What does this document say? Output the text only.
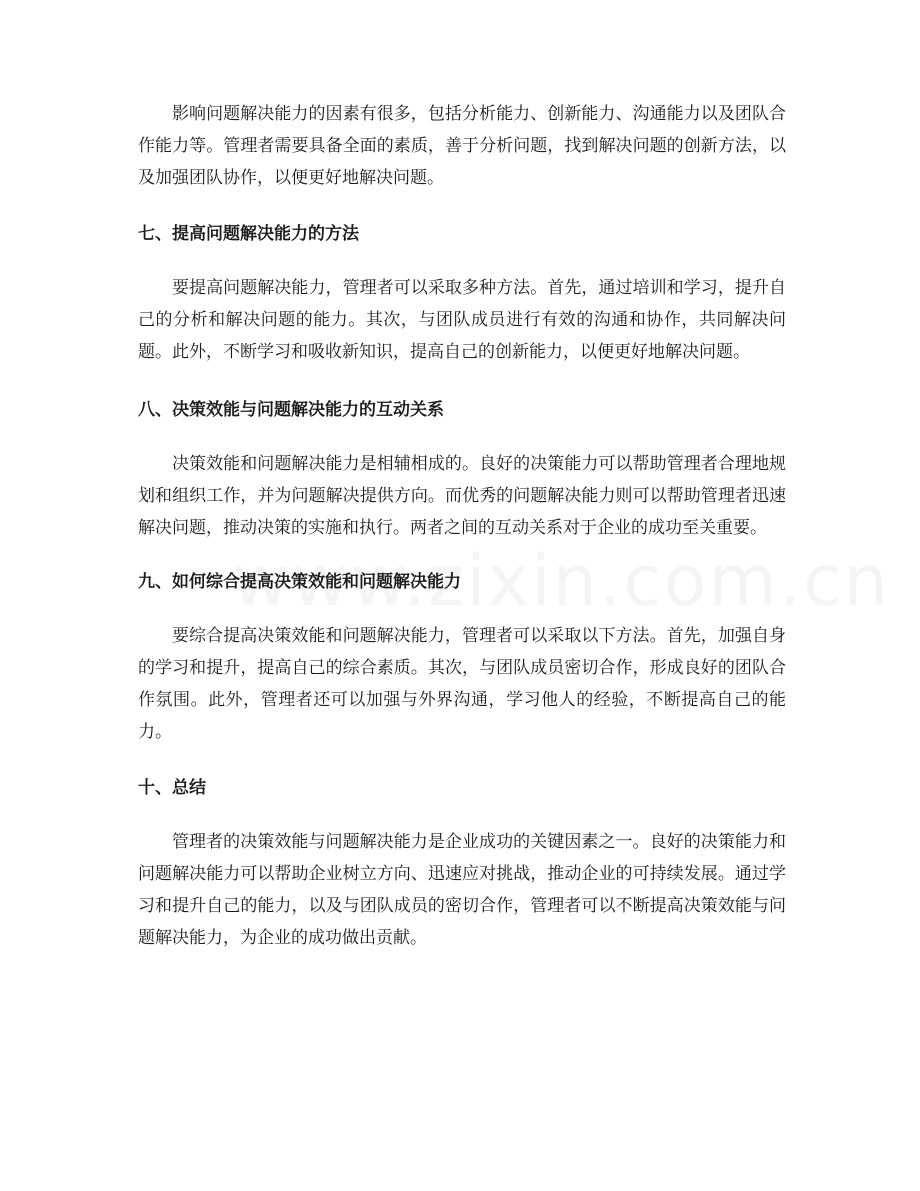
影响问题解决能力的因素有很多，包括分析能力、创新能力、沟通能力以及团队合作能力等。管理者需要具备全面的素质，善于分析问题，找到解决问题的创新方法，以及加强团队协作，以便更好地解决问题。

七、提高问题解决能力的方法

要提高问题解决能力，管理者可以采取多种方法。首先，通过培训和学习，提升自己的分析和解决问题的能力。其次，与团队成员进行有效的沟通和协作，共同解决问题。此外，不断学习和吸收新知识，提高自己的创新能力，以便更好地解决问题。

八、决策效能与问题解决能力的互动关系

决策效能和问题解决能力是相辅相成的。良好的决策能力可以帮助管理者合理地规划和组织工作，并为问题解决提供方向。而优秀的问题解决能力则可以帮助管理者迅速解决问题，推动决策的实施和执行。两者之间的互动关系对于企业的成功至关重要。

九、如何综合提高决策效能和问题解决能力

要综合提高决策效能和问题解决能力，管理者可以采取以下方法。首先，加强自身的学习和提升，提高自己的综合素质。其次，与团队成员密切合作，形成良好的团队合作氛围。此外，管理者还可以加强与外界沟通，学习他人的经验，不断提高自己的能力。

十、总结

管理者的决策效能与问题解决能力是企业成功的关键因素之一。良好的决策能力和问题解决能力可以帮助企业树立方向、迅速应对挑战，推动企业的可持续发展。通过学习和提升自己的能力，以及与团队成员的密切合作，管理者可以不断提高决策效能与问题解决能力，为企业的成功做出贡献。
